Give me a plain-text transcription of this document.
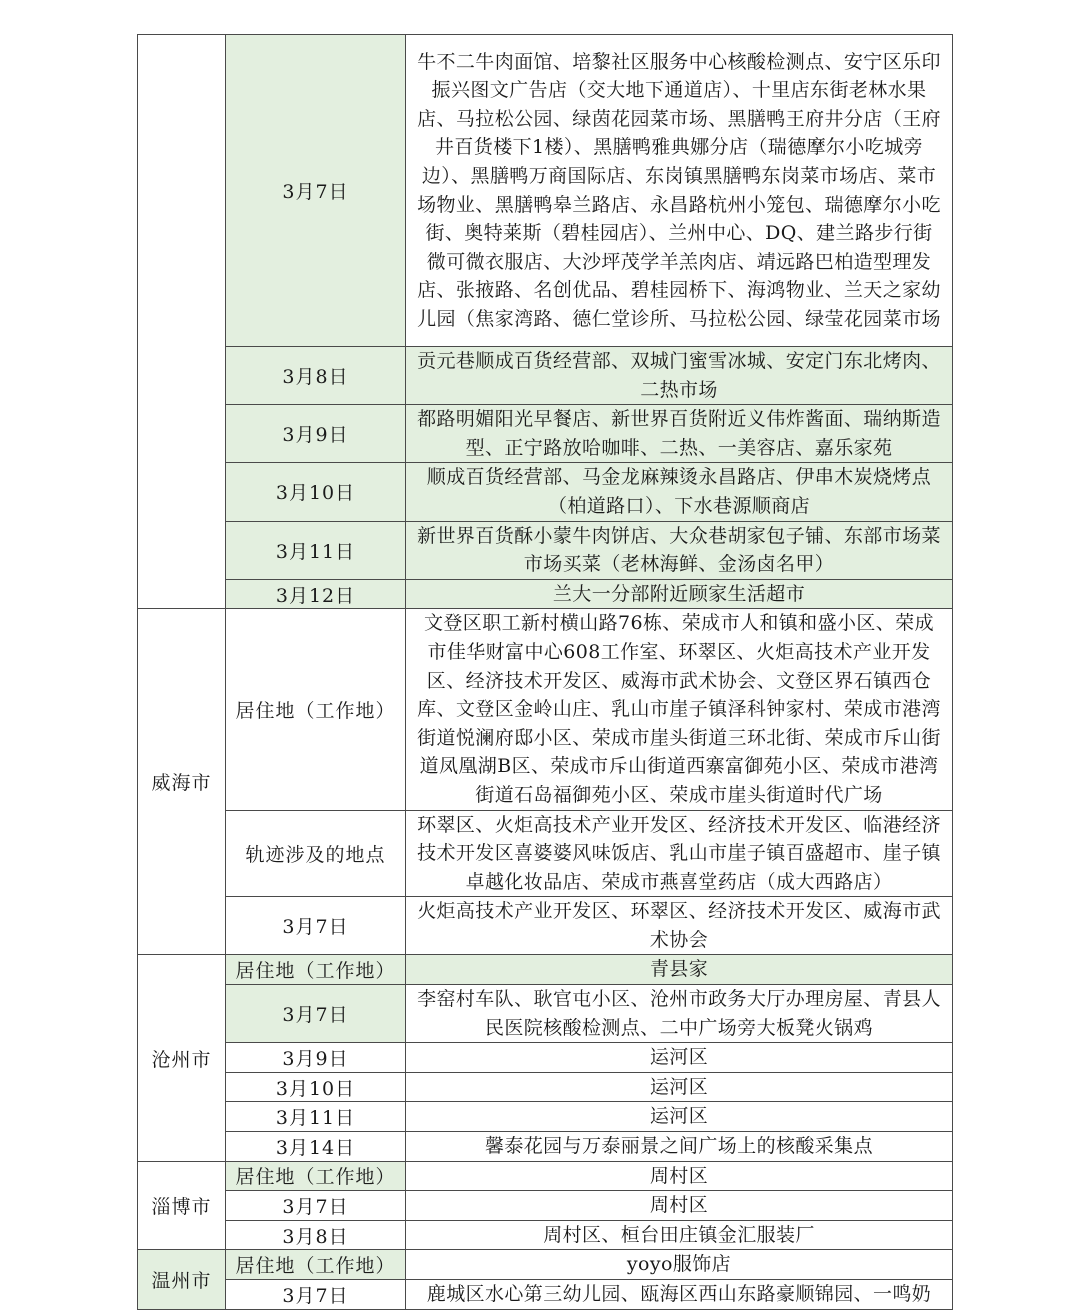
	3月7日	牛不二牛肉面馆、培黎社区服务中心核酸检测点、安宁区乐印振兴图文广告店（交大地下通道店）、十里店东街老林水果店、马拉松公园、绿茵花园菜市场、黑膳鸭王府井分店（王府井百货楼下1楼）、黑膳鸭雅典娜分店（瑞德摩尔小吃城旁边）、黑膳鸭万商国际店、东岗镇黑膳鸭东岗菜市场店、菜市场物业、黑膳鸭皋兰路店、永昌路杭州小笼包、瑞德摩尔小吃街、奥特莱斯（碧桂园店）、兰州中心、DQ、建兰路步行街微可微衣服店、大沙坪茂学羊羔肉店、靖远路巴柏造型理发店、张掖路、名创优品、碧桂园桥下、海鸿物业、兰天之家幼儿园（焦家湾路、德仁堂诊所、马拉松公园、绿莹花园菜市场
	3月8日	贡元巷顺成百货经营部、双城门蜜雪冰城、安定门东北烤肉、二热市场
	3月9日	都路明媚阳光早餐店、新世界百货附近义伟炸酱面、瑞纳斯造型、正宁路放哈咖啡、二热、一美容店、嘉乐家苑
	3月10日	顺成百货经营部、马金龙麻辣烫永昌路店、伊串木炭烧烤点（柏道路口）、下水巷源顺商店
	3月11日	新世界百货酥小蒙牛肉饼店、大众巷胡家包子铺、东部市场菜市场买菜（老林海鲜、金汤卤名甲）
	3月12日	兰大一分部附近顾家生活超市
威海市	居住地（工作地）	文登区职工新村横山路76栋、荣成市人和镇和盛小区、荣成市佳华财富中心608工作室、环翠区、火炬高技术产业开发区、经济技术开发区、威海市武术协会、文登区界石镇西仓库、文登区金岭山庄、乳山市崖子镇泽科钟家村、荣成市港湾街道悦澜府邸小区、荣成市崖头街道三环北街、荣成市斥山街道凤凰湖B区、荣成市斥山街道西寨富御苑小区、荣成市港湾街道石岛福御苑小区、荣成市崖头街道时代广场
	轨迹涉及的地点	环翠区、火炬高技术产业开发区、经济技术开发区、临港经济技术开发区喜婆婆风味饭店、乳山市崖子镇百盛超市、崖子镇卓越化妆品店、荣成市燕喜堂药店（成大西路店）
	3月7日	火炬高技术产业开发区、环翠区、经济技术开发区、威海市武术协会
沧州市	居住地（工作地）	青县家
	3月7日	李窑村车队、耿官屯小区、沧州市政务大厅办理房屋、青县人民医院核酸检测点、二中广场旁大板凳火锅鸡
	3月9日	运河区
	3月10日	运河区
	3月11日	运河区
	3月14日	馨泰花园与万泰丽景之间广场上的核酸采集点
淄博市	居住地（工作地）	周村区
	3月7日	周村区
	3月8日	周村区、桓台田庄镇金汇服装厂
温州市	居住地（工作地）	yoyo服饰店
	3月7日	鹿城区水心第三幼儿园、瓯海区西山东路豪顺锦园、一鸣奶
